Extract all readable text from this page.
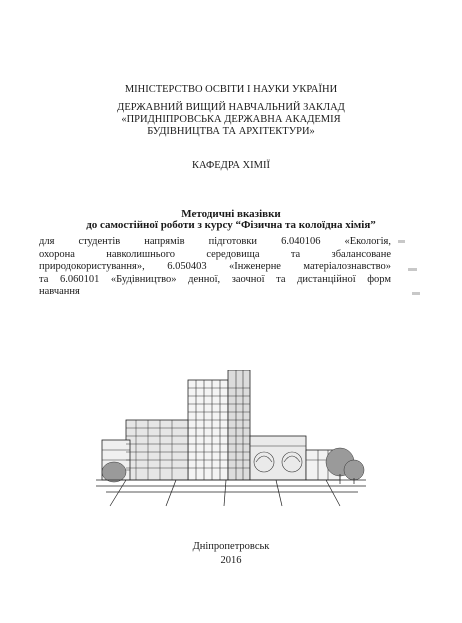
МІНІСТЕРСТВО ОСВІТИ І НАУКИ УКРАЇНИ
ДЕРЖАВНИЙ ВИЩИЙ НАВЧАЛЬНИЙ ЗАКЛАД
«ПРИДНІПРОВСЬКА ДЕРЖАВНА АКАДЕМІЯ
БУДІВНИЦТВА ТА АРХІТЕКТУРИ»
КАФЕДРА ХІМІЇ
Методичні вказівки
до самостійної роботи з курсу “Фізична та колоїдна хімія”
для студентів напрямів підготовки 6.040106 «Екологія,
охорона навколишнього середовища та збалансоване
природокористування», 6.050403 «Інженерне матеріалознавство»
та 6.060101 «Будівництво» денної, заочної та дистанційної форм
навчання
Дніпропетровськ
2016
